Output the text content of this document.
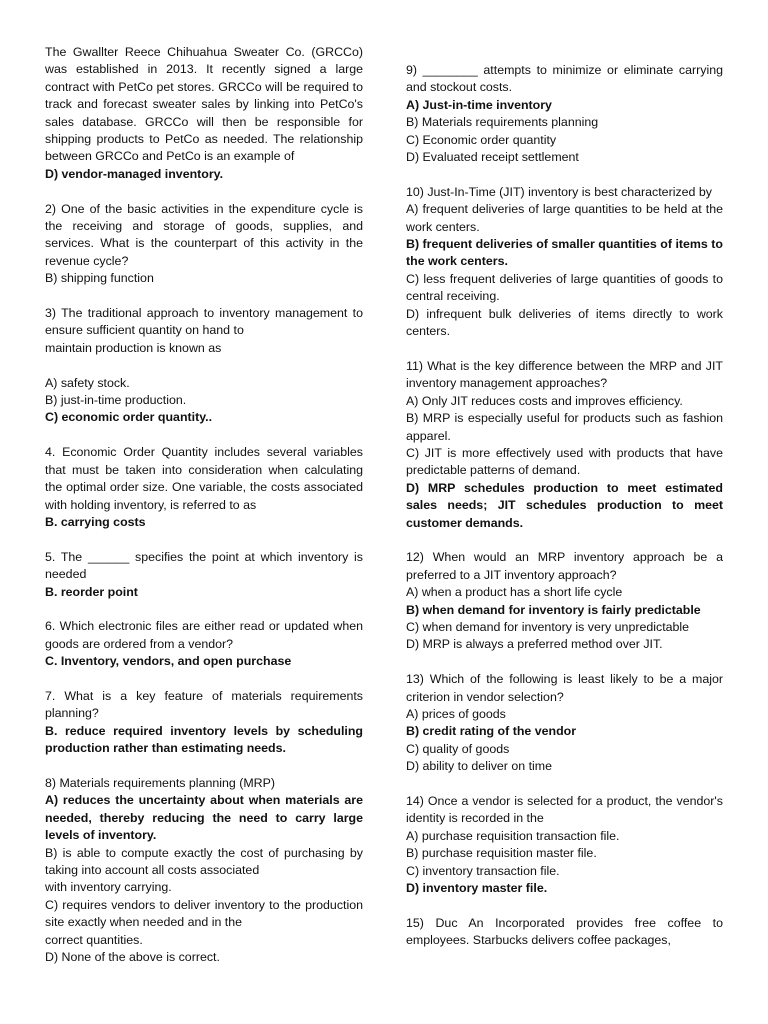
The Gwallter Reece Chihuahua Sweater Co. (GRCCo) was established in 2013. It recently signed a large contract with PetCo pet stores. GRCCo will be required to track and forecast sweater sales by linking into PetCo's sales database. GRCCo will then be responsible for shipping products to PetCo as needed. The relationship between GRCCo and PetCo is an example of
D) vendor-managed inventory.
2) One of the basic activities in the expenditure cycle is the receiving and storage of goods, supplies, and services. What is the counterpart of this activity in the revenue cycle?
B) shipping function
3) The traditional approach to inventory management to ensure sufficient quantity on hand to
maintain production is known as
A) safety stock.
B) just-in-time production.
C) economic order quantity..
4. Economic Order Quantity includes several variables that must be taken into consideration when calculating the optimal order size. One variable, the costs associated with holding inventory, is referred to as
B. carrying costs
5. The ______ specifies the point at which inventory is needed
B. reorder point
6. Which electronic files are either read or updated when goods are ordered from a vendor?
C. Inventory, vendors, and open purchase
7. What is a key feature of materials requirements planning?
B. reduce required inventory levels by scheduling production rather than estimating needs.
8) Materials requirements planning (MRP)
A) reduces the uncertainty about when materials are needed, thereby reducing the need to carry large levels of inventory.
B) is able to compute exactly the cost of purchasing by taking into account all costs associated
with inventory carrying.
C) requires vendors to deliver inventory to the production site exactly when needed and in the
correct quantities.
D) None of the above is correct.
9) ________ attempts to minimize or eliminate carrying and stockout costs.
A) Just-in-time inventory
B) Materials requirements planning
C) Economic order quantity
D) Evaluated receipt settlement
10) Just-In-Time (JIT) inventory is best characterized by
A) frequent deliveries of large quantities to be held at the work centers.
B) frequent deliveries of smaller quantities of items to the work centers.
C) less frequent deliveries of large quantities of goods to central receiving.
D) infrequent bulk deliveries of items directly to work centers.
11) What is the key difference between the MRP and JIT inventory management approaches?
A) Only JIT reduces costs and improves efficiency.
B) MRP is especially useful for products such as fashion apparel.
C) JIT is more effectively used with products that have predictable patterns of demand.
D) MRP schedules production to meet estimated sales needs; JIT schedules production to meet customer demands.
12) When would an MRP inventory approach be a preferred to a JIT inventory approach?
A) when a product has a short life cycle
B) when demand for inventory is fairly predictable
C) when demand for inventory is very unpredictable
D) MRP is always a preferred method over JIT.
13) Which of the following is least likely to be a major criterion in vendor selection?
A) prices of goods
B) credit rating of the vendor
C) quality of goods
D) ability to deliver on time
14) Once a vendor is selected for a product, the vendor's identity is recorded in the
A) purchase requisition transaction file.
B) purchase requisition master file.
C) inventory transaction file.
D) inventory master file.
15) Duc An Incorporated provides free coffee to employees. Starbucks delivers coffee packages,
